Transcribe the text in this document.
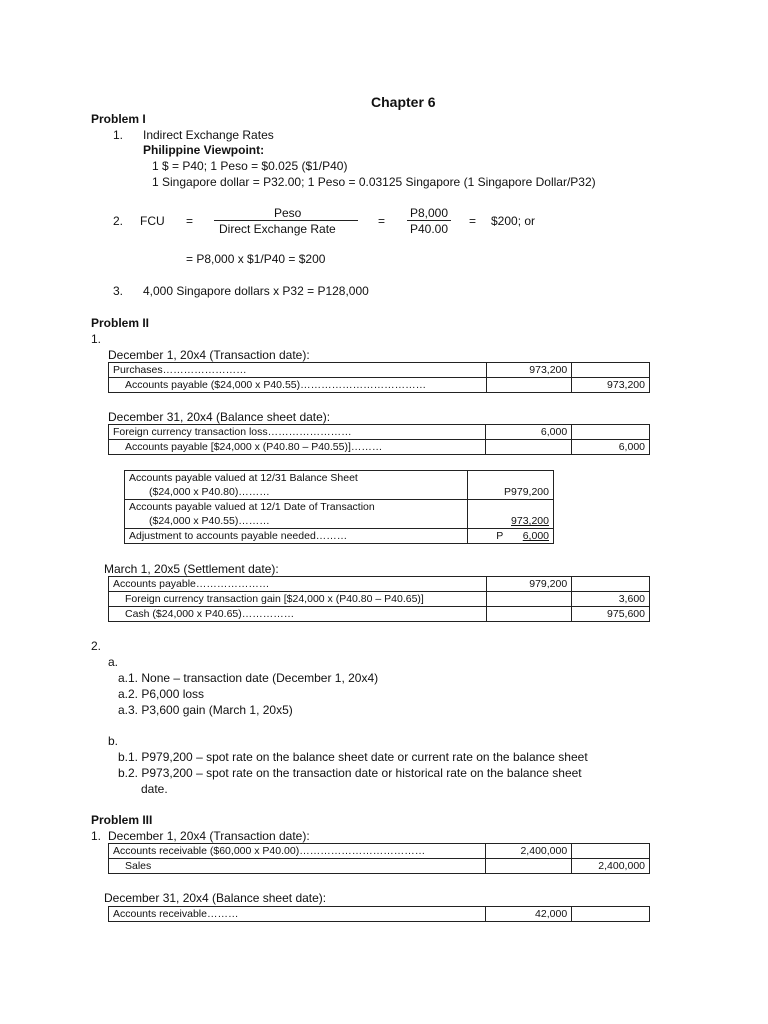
Chapter 6
Problem I
1. Indirect Exchange Rates
Philippine Viewpoint:
1 $ = P40; 1 Peso = $0.025 ($1/P40)
1 Singapore dollar = P32.00; 1 Peso = 0.03125 Singapore (1 Singapore Dollar/P32)
2. FCU =
Peso
Direct Exchange Rate
=
P8,000
P40.00
= $200; or
= P8,000 x $1/P40 = $200
3. 4,000 Singapore dollars x P32 = P128,000
Problem II
1.
December 1, 20x4 (Transaction date):
Purchases……………………	973,200	
Accounts payable ($24,000 x P40.55)………………………………		973,200
December 31, 20x4 (Balance sheet date):
Foreign currency transaction loss……………………	6,000	
Accounts payable [$24,000 x (P40.80 – P40.55)]………		6,000
Accounts payable valued at 12/31 Balance Sheet
($24,000 x P40.80)………	P979,200

Accounts payable valued at 12/1 Date of Transaction
($24,000 x P40.55)………	973,200
Adjustment to accounts payable needed………	P 6,000
March 1, 20x5 (Settlement date):
Accounts payable…………………	979,200	
Foreign currency transaction gain [$24,000 x (P40.80 – P40.65)]		3,600
Cash ($24,000 x P40.65)……………		975,600
2.
a.
a.1. None – transaction date (December 1, 20x4)
a.2. P6,000 loss
a.3. P3,600 gain (March 1, 20x5)
b.
b.1. P979,200 – spot rate on the balance sheet date or current rate on the balance sheet
b.2. P973,200 – spot rate on the transaction date or historical rate on the balance sheet
date.
Problem III
1. December 1, 20x4 (Transaction date):
Accounts receivable ($60,000 x P40.00)………………………………	2,400,000	
Sales		2,400,000
December 31, 20x4 (Balance sheet date):
Accounts receivable………	42,000	
